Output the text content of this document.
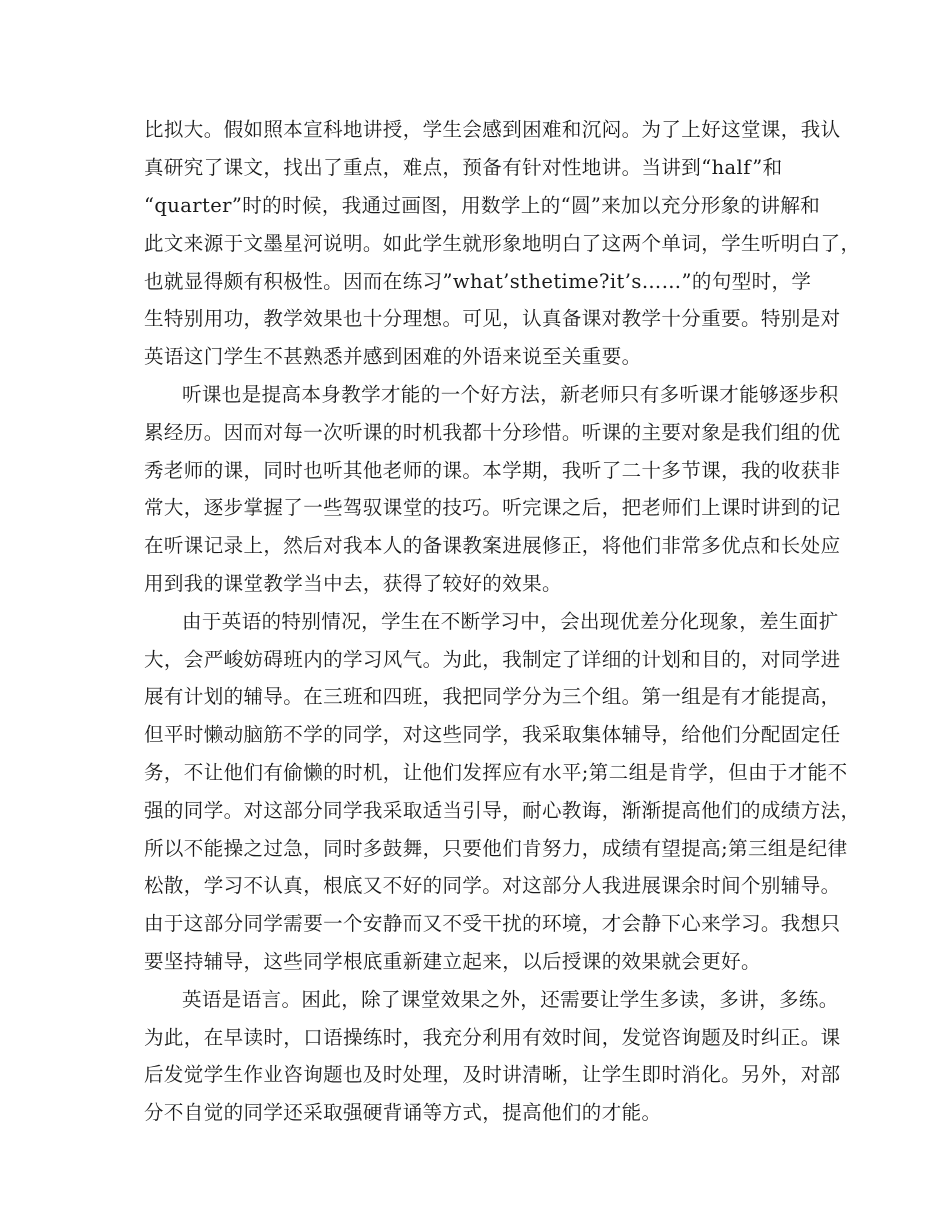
比拟大。假如照本宣科地讲授，学生会感到困难和沉闷。为了上好这堂课，我认
真研究了课文，找出了重点，难点，预备有针对性地讲。当讲到“half”和
“quarter”时的时候，我通过画图，用数学上的“圆”来加以充分形象的讲解和
此文来源于文墨星河说明。如此学生就形象地明白了这两个单词，学生听明白了，
也就显得颇有积极性。因而在练习”what’sthetime?it’s……”的句型时，学
生特别用功，教学效果也十分理想。可见，认真备课对教学十分重要。特别是对
英语这门学生不甚熟悉并感到困难的外语来说至关重要。
听课也是提高本身教学才能的一个好方法，新老师只有多听课才能够逐步积
累经历。因而对每一次听课的时机我都十分珍惜。听课的主要对象是我们组的优
秀老师的课，同时也听其他老师的课。本学期，我听了二十多节课，我的收获非
常大，逐步掌握了一些驾驭课堂的技巧。听完课之后，把老师们上课时讲到的记
在听课记录上，然后对我本人的备课教案进展修正，将他们非常多优点和长处应
用到我的课堂教学当中去，获得了较好的效果。
由于英语的特别情况，学生在不断学习中，会出现优差分化现象，差生面扩
大，会严峻妨碍班内的学习风气。为此，我制定了详细的计划和目的，对同学进
展有计划的辅导。在三班和四班，我把同学分为三个组。第一组是有才能提高，
但平时懒动脑筋不学的同学，对这些同学，我采取集体辅导，给他们分配固定任
务，不让他们有偷懒的时机，让他们发挥应有水平;第二组是肯学，但由于才能不
强的同学。对这部分同学我采取适当引导，耐心教诲，渐渐提高他们的成绩方法，
所以不能操之过急，同时多鼓舞，只要他们肯努力，成绩有望提高;第三组是纪律
松散，学习不认真，根底又不好的同学。对这部分人我进展课余时间个别辅导。
由于这部分同学需要一个安静而又不受干扰的环境，才会静下心来学习。我想只
要坚持辅导，这些同学根底重新建立起来，以后授课的效果就会更好。
英语是语言。困此，除了课堂效果之外，还需要让学生多读，多讲，多练。
为此，在早读时，口语操练时，我充分利用有效时间，发觉咨询题及时纠正。课
后发觉学生作业咨询题也及时处理，及时讲清晰，让学生即时消化。另外，对部
分不自觉的同学还采取强硬背诵等方式，提高他们的才能。
